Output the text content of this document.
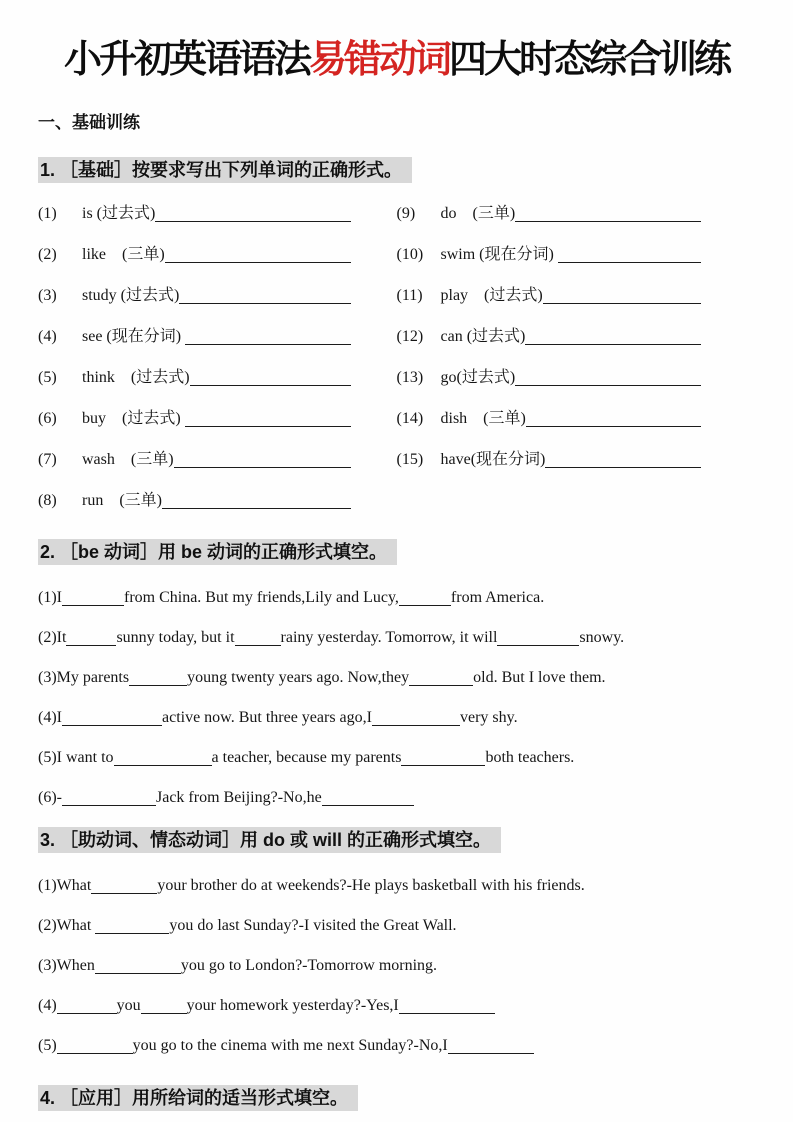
小升初英语语法易错动词四大时态综合训练
一、基础训练
1. ［基础］按要求写出下列单词的正确形式。
(1)	is (过去式)
(2)	like　(三单)
(3)	study (过去式)
(4)	see (现在分词)
(5)	think　(过去式)
(6)	buy　(过去式)
(7)	wash　(三单)
(8)	run　(三单)
(9)	do　(三单)
(10)	swim (现在分词)
(11)	play　(过去式)
(12)	can (过去式)
(13)	go(过去式)
(14)	dish　(三单)
(15)	have(现在分词)
2. ［be 动词］用 be 动词的正确形式填空。
(1)I	from China. But my friends,Lily and Lucy,	from America.
(2)It	sunny today, but it	rainy yesterday. Tomorrow, it will	snowy.
(3)My parents	young twenty years ago. Now,they	old. But I love them.
(4)I	active now. But three years ago,I	very shy.
(5)I want to	a teacher, because my parents	both teachers.
(6)-	Jack from Beijing?-No,he
3. ［助动词、情态动词］用 do 或 will 的正确形式填空。
(1)What	your brother do at weekends?-He plays basketball with his friends.
(2)What	you do last Sunday?-I visited the Great Wall.
(3)When	you go to London?-Tomorrow morning.
(4)	you	your homework yesterday?-Yes,I
(5)	you go to the cinema with me next Sunday?-No,I
4. ［应用］用所给词的适当形式填空。
